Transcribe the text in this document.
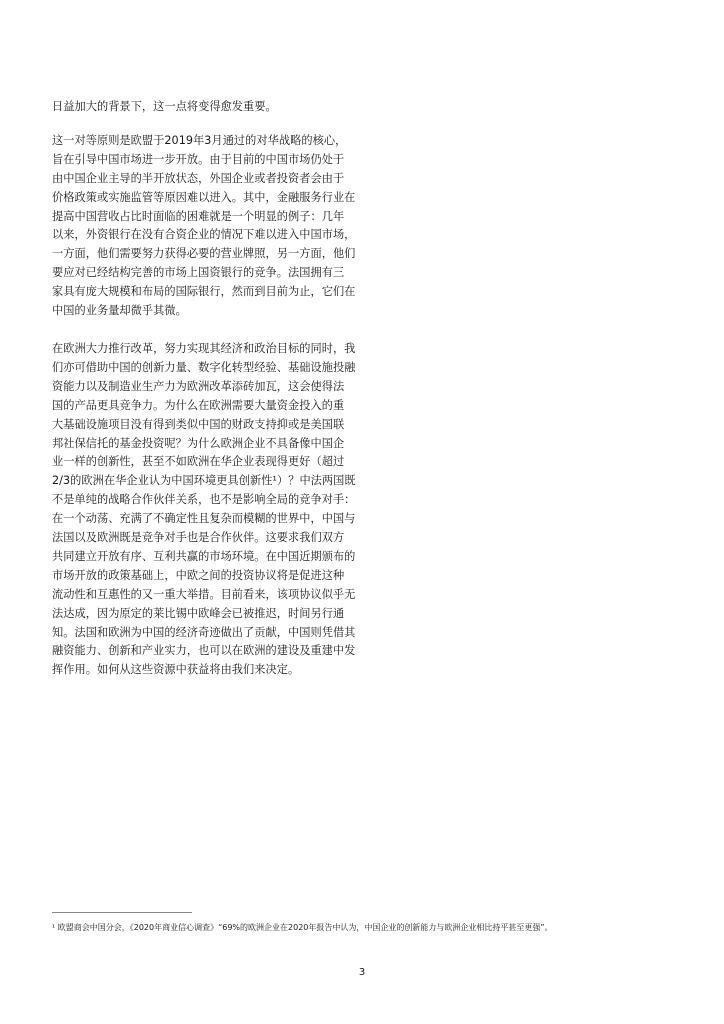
日益加大的背景下，这一点将变得愈发重要。

这一对等原则是欧盟于2019年3月通过的对华战略的核心，
旨在引导中国市场进一步开放。由于目前的中国市场仍处于
由中国企业主导的半开放状态，外国企业或者投资者会由于
价格政策或实施监管等原因难以进入。其中，金融服务行业在
提高中国营收占比时面临的困难就是一个明显的例子：几年
以来，外资银行在没有合资企业的情况下难以进入中国市场，
一方面，他们需要努力获得必要的营业牌照，另一方面，他们
要应对已经结构完善的市场上国资银行的竞争。法国拥有三
家具有庞大规模和布局的国际银行，然而到目前为止，它们在
中国的业务量却微乎其微。

在欧洲大力推行改革，努力实现其经济和政治目标的同时，我
们亦可借助中国的创新力量、数字化转型经验、基础设施投融
资能力以及制造业生产力为欧洲改革添砖加瓦，这会使得法
国的产品更具竞争力。为什么在欧洲需要大量资金投入的重
大基础设施项目没有得到类似中国的财政支持抑或是美国联
邦社保信托的基金投资呢？为什么欧洲企业不具备像中国企
业一样的创新性，甚至不如欧洲在华企业表现得更好（超过
2/3的欧洲在华企业认为中国环境更具创新性¹）？中法两国既
不是单纯的战略合作伙伴关系，也不是影响全局的竞争对手：
在一个动荡、充满了不确定性且复杂而模糊的世界中，中国与
法国以及欧洲既是竞争对手也是合作伙伴。这要求我们双方
共同建立开放有序、互利共赢的市场环境。在中国近期颁布的
市场开放的政策基础上，中欧之间的投资协议将是促进这种
流动性和互惠性的又一重大举措。目前看来，该项协议似乎无
法达成，因为原定的莱比锡中欧峰会已被推迟，时间另行通
知。法国和欧洲为中国的经济奇迹做出了贡献，中国则凭借其
融资能力、创新和产业实力，也可以在欧洲的建设及重建中发
挥作用。如何从这些资源中获益将由我们来决定。

¹ 欧盟商会中国分会，《2020年商业信心调查》“69%的欧洲企业在2020年报告中认为，中国企业的创新能力与欧洲企业相比持平甚至更强”。
3
